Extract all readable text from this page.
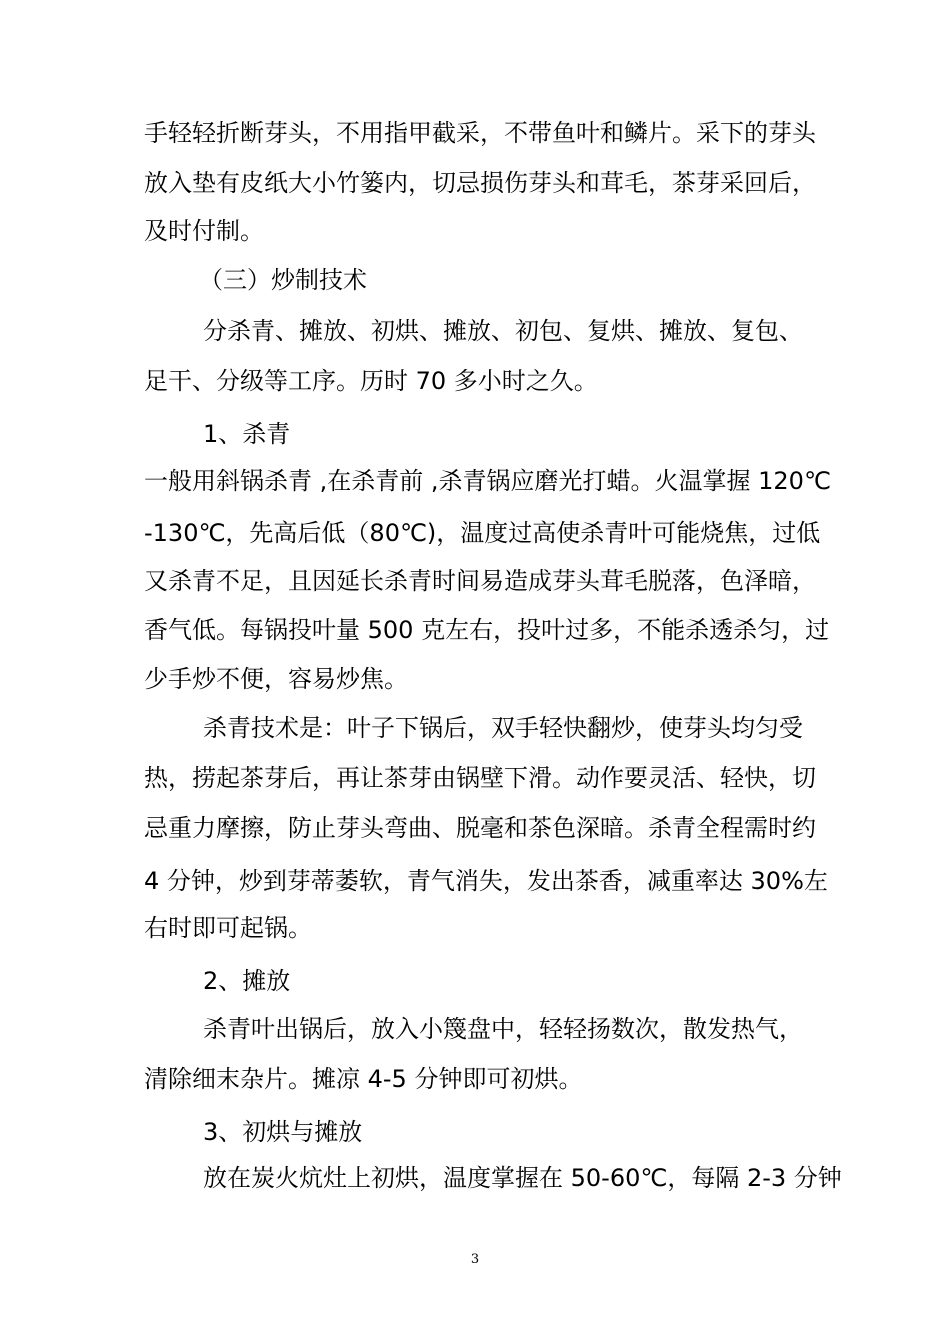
手轻轻折断芽头，不用指甲截采，不带鱼叶和鳞片。采下的芽头
放入垫有皮纸大小竹篓内，切忌损伤芽头和茸毛，茶芽采回后，
及时付制。
（三）炒制技术
分杀青、摊放、初烘、摊放、初包、复烘、摊放、复包、
足干、分级等工序。历时 70 多小时之久。
1、杀青
一般用斜锅杀青 ,在杀青前 ,杀青锅应磨光打蜡。火温掌握 120℃
-130℃，先高后低（80℃)，温度过高使杀青叶可能烧焦，过低
又杀青不足，且因延长杀青时间易造成芽头茸毛脱落，色泽暗，
香气低。每锅投叶量 500 克左右，投叶过多，不能杀透杀匀，过
少手炒不便，容易炒焦。
杀青技术是：叶子下锅后，双手轻快翻炒，使芽头均匀受
热，捞起茶芽后，再让茶芽由锅壁下滑。动作要灵活、轻快，切
忌重力摩擦，防止芽头弯曲、脱毫和茶色深暗。杀青全程需时约
4 分钟，炒到芽蒂萎软，青气消失，发出茶香，减重率达 30%左
右时即可起锅。
2、摊放
杀青叶出锅后，放入小篾盘中，轻轻扬数次，散发热气，
清除细末杂片。摊凉 4-5 分钟即可初烘。
3、初烘与摊放
放在炭火炕灶上初烘，温度掌握在 50-60℃，每隔 2-3 分钟
3
